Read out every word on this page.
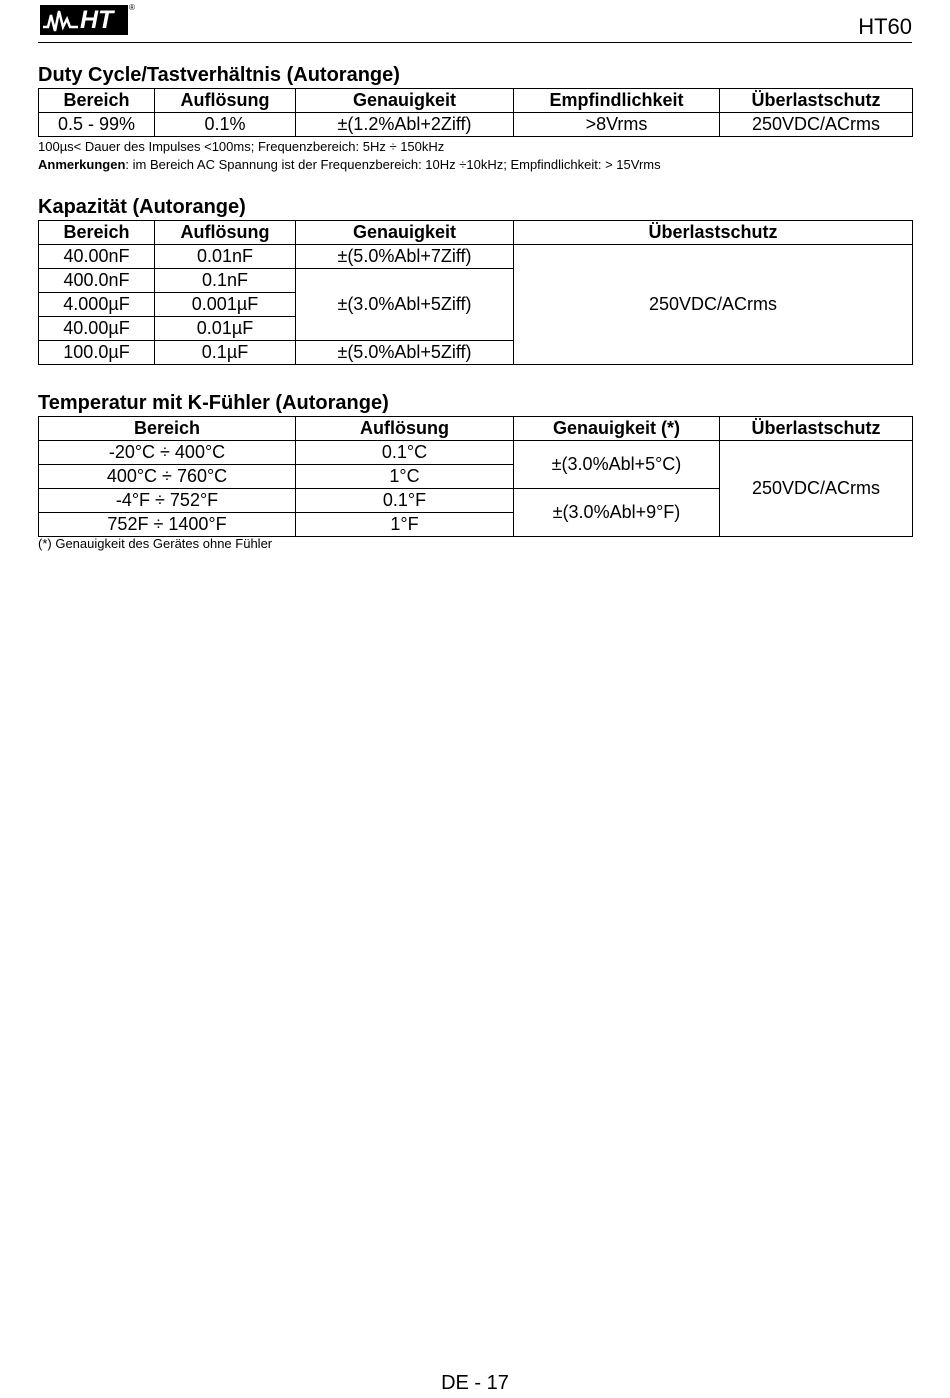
HT ®
HT60
Duty Cycle/Tastverhältnis (Autorange)
Bereich	Auflösung	Genauigkeit	Empfindlichkeit	Überlastschutz
0.5 - 99%	0.1%	±(1.2%Abl+2Ziff)	>8Vrms	250VDC/ACrms
100µs< Dauer des Impulses <100ms; Frequenzbereich: 5Hz ÷ 150kHz
Anmerkungen: im Bereich AC Spannung ist der Frequenzbereich: 10Hz ÷10kHz; Empfindlichkeit: > 15Vrms
Kapazität (Autorange)
Bereich	Auflösung	Genauigkeit	Überlastschutz
40.00nF	0.01nF	±(5.0%Abl+7Ziff)	250VDC/ACrms
400.0nF	0.1nF	±(3.0%Abl+5Ziff)	
4.000µF	0.001µF		
40.00µF	0.01µF		
100.0µF	0.1µF	±(5.0%Abl+5Ziff)	
Temperatur mit K-Fühler (Autorange)
Bereich	Auflösung	Genauigkeit (*)	Überlastschutz
-20°C ÷ 400°C	0.1°C	±(3.0%Abl+5°C)	250VDC/ACrms
400°C ÷ 760°C	1°C		
-4°F ÷ 752°F	0.1°F	±(3.0%Abl+9°F)	
752F ÷ 1400°F	1°F		
(*) Genauigkeit des Gerätes ohne Fühler
DE - 17
